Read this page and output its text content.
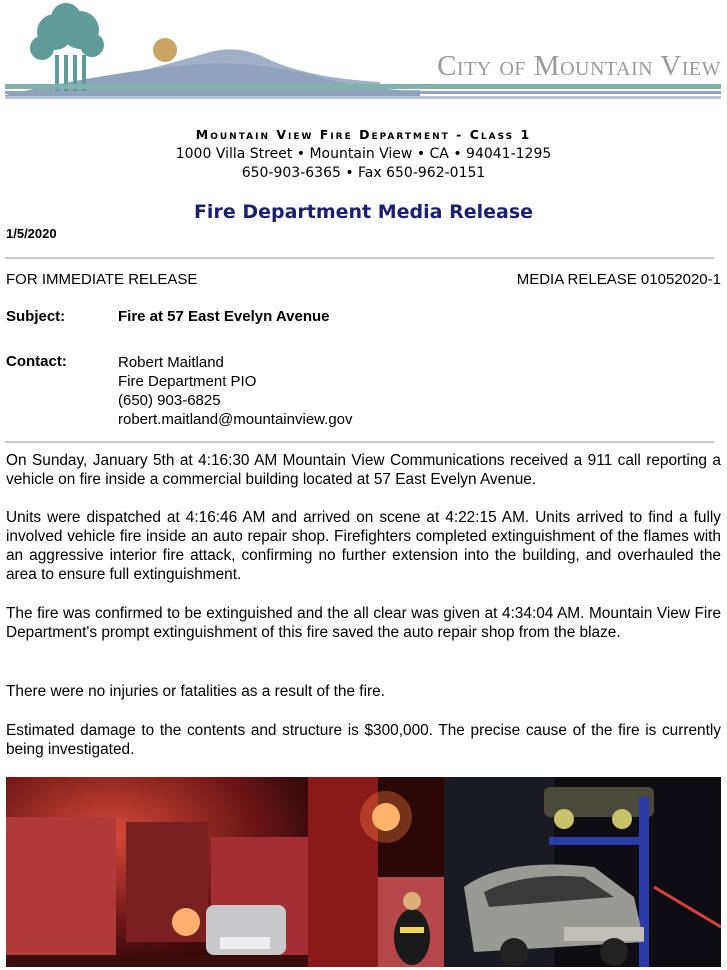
City of Mountain View
Mountain View Fire Department - Class 1
1000 Villa Street • Mountain View • CA • 94041-1295
650-903-6365 • Fax 650-962-0151
Fire Department Media Release
1/5/2020
FOR IMMEDIATE RELEASE	MEDIA RELEASE 01052020-1
Subject:	Fire at 57 East Evelyn Avenue
Contact:	Robert Maitland
Fire Department PIO
(650) 903-6825
robert.maitland@mountainview.gov
On Sunday, January 5th at 4:16:30 AM Mountain View Communications received a 911 call reporting a vehicle on fire inside a commercial building located at 57 East Evelyn Avenue.
Units were dispatched at 4:16:46 AM and arrived on scene at 4:22:15 AM. Units arrived to find a fully involved vehicle fire inside an auto repair shop. Firefighters completed extinguishment of the flames with an aggressive interior fire attack, confirming no further extension into the building, and overhauled the area to ensure full extinguishment.
The fire was confirmed to be extinguished and the all clear was given at 4:34:04 AM. Mountain View Fire Department's prompt extinguishment of this fire saved the auto repair shop from the blaze.
There were no injuries or fatalities as a result of the fire.
Estimated damage to the contents and structure is $300,000. The precise cause of the fire is currently being investigated.
